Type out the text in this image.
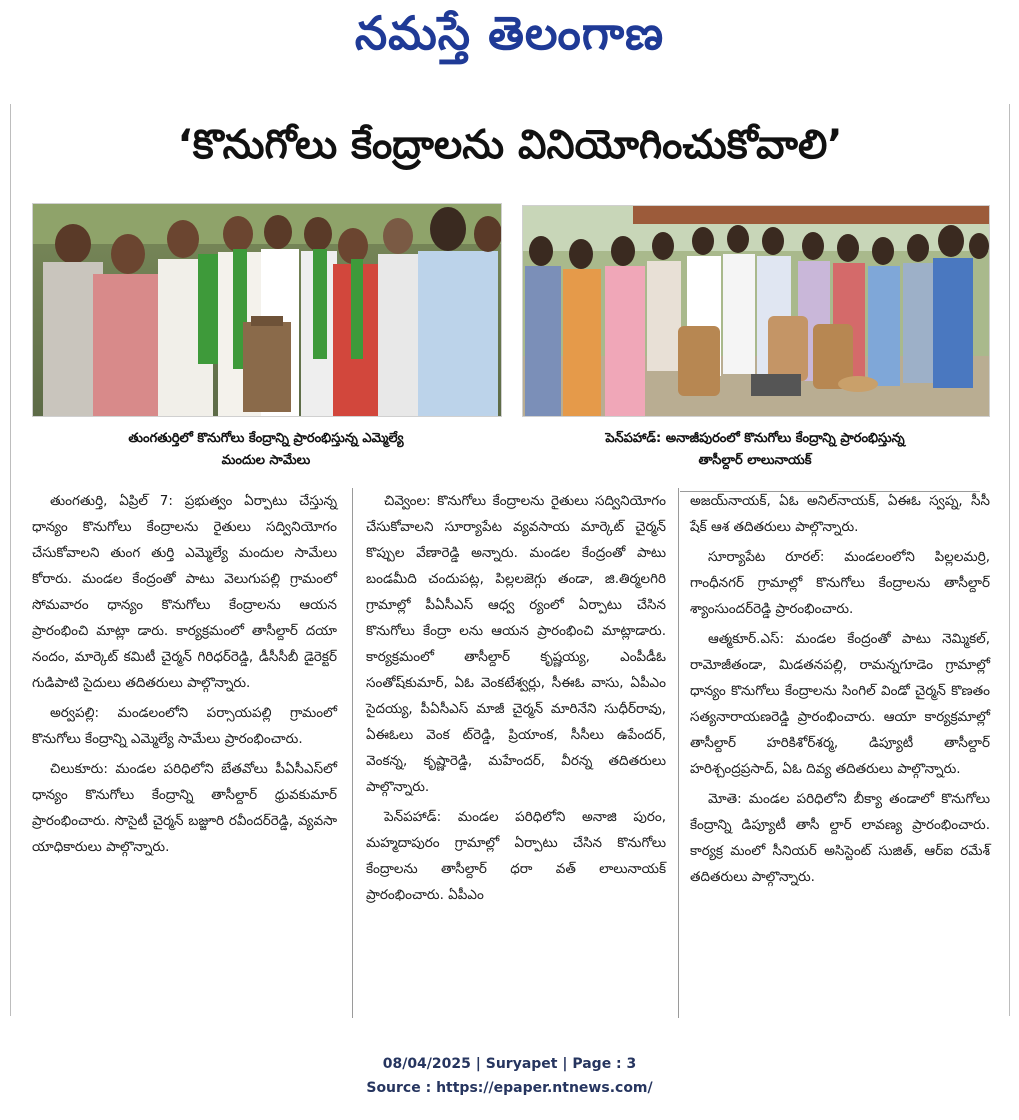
నమస్తే తెలంగాణ
‘కొనుగోలు కేంద్రాలను వినియోగించుకోవాలి’
తుంగతుర్తిలో కొనుగోలు కేంద్రాన్ని ప్రారంభిస్తున్న ఎమ్మెల్యే
మందుల సామేలు
పెన్‌పహాడ్‌: అనాజీపురంలో కొనుగోలు కేంద్రాన్ని ప్రారంభిస్తున్న
తాసీల్దార్‌ లాలునాయక్‌

తుంగతుర్తి, ఏప్రిల్‌ 7: ప్రభుత్వం ఏర్పాటు చేస్తున్న ధాన్యం కొనుగోలు కేంద్రాలను రైతులు సద్వినియోగం చేసుకోవాలని తుంగ తుర్తి ఎమ్మెల్యే మందుల సామేలు కోరారు. మండల కేంద్రంతో పాటు వెలుగుపల్లి గ్రామంలో సోమవారం ధాన్యం కొనుగోలు కేంద్రాలను ఆయన ప్రారంభించి మాట్లా డారు. కార్యక్రమంలో తాసీల్దార్‌ దయా నందం, మార్కెట్‌ కమిటీ చైర్మన్‌ గిరిధర్‌రెడ్డి, డీసీసీబీ డైరెక్టర్‌ గుడిపాటి సైదులు తదితరులు పాల్గొన్నారు.

అర్వపల్లి: మండలంలోని పర్సాయపల్లి గ్రామంలో కొనుగోలు కేంద్రాన్ని ఎమ్మెల్యే సామేలు ప్రారంభించారు.

చిలుకూరు: మండల పరిధిలోని బేతవోలు పీఏసీఎస్‌లో ధాన్యం కొనుగోలు కేంద్రాన్ని తాసీల్దార్‌ ధ్రువకుమార్‌ ప్రారంభించారు. సొసైటీ చైర్మన్‌ బజ్జూరి రవీందర్‌రెడ్డి, వ్యవసా యాధికారులు పాల్గొన్నారు.

చివ్వెంల: కొనుగోలు కేంద్రాలను రైతులు సద్వినియోగం చేసుకోవాలని సూర్యాపేట వ్యవసాయ మార్కెట్‌ చైర్మన్‌ కొప్పుల వేణారెడ్డి అన్నారు. మండల కేంద్రంతో పాటు బండమీది చందుపట్ల, పిల్లలజెగ్గు తండా, జి.తిర్మలగిరి గ్రామాల్లో పీఏసీఎస్‌ ఆధ్వ ర్యంలో ఏర్పాటు చేసిన కొనుగోలు కేంద్రా లను ఆయన ప్రారంభించి మాట్లాడారు. కార్యక్రమంలో తాసీల్దార్‌ కృష్ణయ్య, ఎంపీడీఓ సంతోష్‌కుమార్‌, ఏఓ వెంకటేశ్వర్లు, సీఈఓ వాసు, ఏపీఎం సైదయ్య, పీఏసీఎస్‌ మాజీ చైర్మన్‌ మారినేని సుధీర్‌రావు, ఏఈఓలు వెంక ట్‌రెడ్డి, ప్రియాంక, సీసీలు ఉపేందర్‌, వెంకన్న, కృష్ణారెడ్డి, మహేందర్‌, వీరన్న తదితరులు పాల్గొన్నారు.

పెన్‌పహాడ్‌: మండల పరిధిలోని అనాజి పురం, మహ్మదాపురం గ్రామాల్లో ఏర్పాటు చేసిన కొనుగోలు కేంద్రాలను తాసీల్దార్‌ ధరా వత్‌ లాలునాయక్‌ ప్రారంభించారు. ఏపీఎం

అజయ్‌నాయక్‌, ఏఓ అనిల్‌నాయక్‌, ఏఈఓ స్వప్న, సీసీ షేక్‌ ఆశ తదితరులు పాల్గొన్నారు.

సూర్యాపేట రూరల్‌: మండలంలోని పిల్లలమర్రి, గాంధీనగర్‌ గ్రామాల్లో కొనుగోలు కేంద్రాలను తాసీల్దార్‌ శ్యాంసుందర్‌రెడ్డి ప్రారంభించారు.

ఆత్మకూర్‌.ఎస్‌: మండల కేంద్రంతో పాటు నెమ్మికల్‌, రామోజీతండా, మిడతనపల్లి, రామన్నగూడెం గ్రామాల్లో ధాన్యం కొనుగోలు కేంద్రాలను సింగిల్‌ విండో చైర్మన్‌ కొణతం సత్యనారాయణరెడ్డి ప్రారంభించారు. ఆయా కార్యక్రమాల్లో తాసీల్దార్‌ హరికిశోర్‌శర్మ, డిప్యూటీ తాసీల్దార్‌ హరిశ్చంద్రప్రసాద్‌, ఏఓ దివ్య తదితరులు పాల్గొన్నారు.

మోతె: మండల పరిధిలోని బీక్యా తండాలో కొనుగోలు కేంద్రాన్ని డిప్యూటీ తాసీ ల్దార్‌ లావణ్య ప్రారంభించారు. కార్యక్ర మంలో సీనియర్‌ అసిస్టెంట్‌ సుజిత్‌, ఆర్‌ఐ రమేశ్‌ తదితరులు పాల్గొన్నారు.

08/04/2025 | Suryapet | Page : 3
Source : https://epaper.ntnews.com/
